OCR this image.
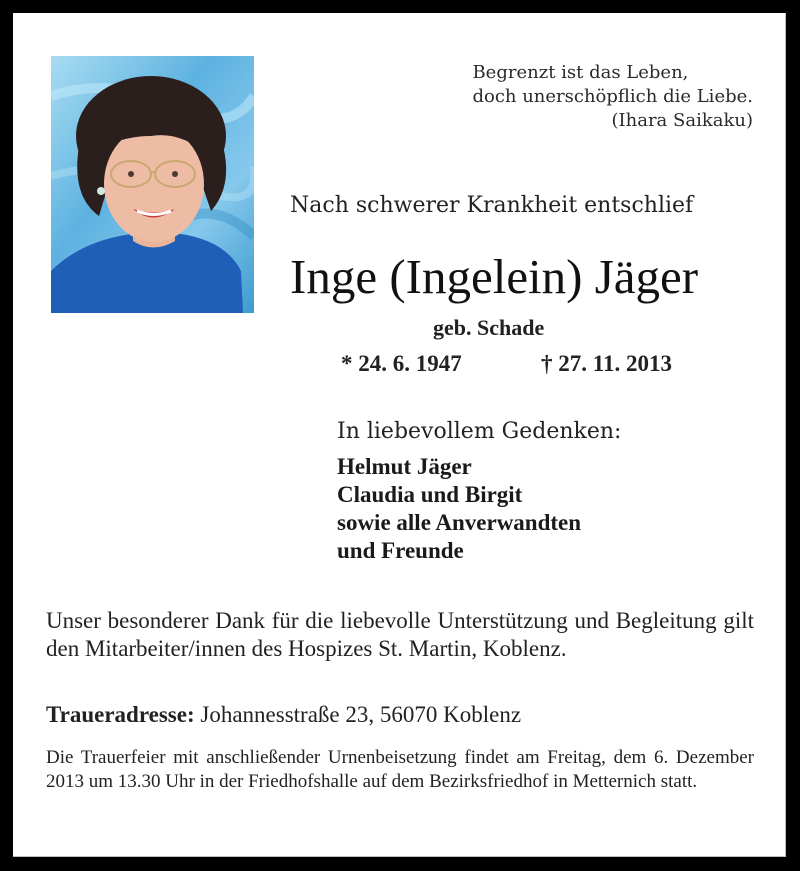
Begrenzt ist das Leben,
doch unerschöpflich die Liebe.
(Ihara Saikaku)
Nach schwerer Krankheit entschlief
Inge (Ingelein) Jäger
geb. Schade
* 24. 6. 1947	† 27. 11. 2013
In liebevollem Gedenken:
Helmut Jäger
Claudia und Birgit
sowie alle Anverwandten
und Freunde
Unser besonderer Dank für die liebevolle Unterstützung und Begleitung gilt den Mitarbeiter/innen des Hospizes St. Martin, Koblenz.
Traueradresse: Johannesstraße 23, 56070 Koblenz
Die Trauerfeier mit anschließender Urnenbeisetzung findet am Freitag, dem 6. Dezember 2013 um 13.30 Uhr in der Friedhofshalle auf dem Bezirksfriedhof in Metternich statt.
